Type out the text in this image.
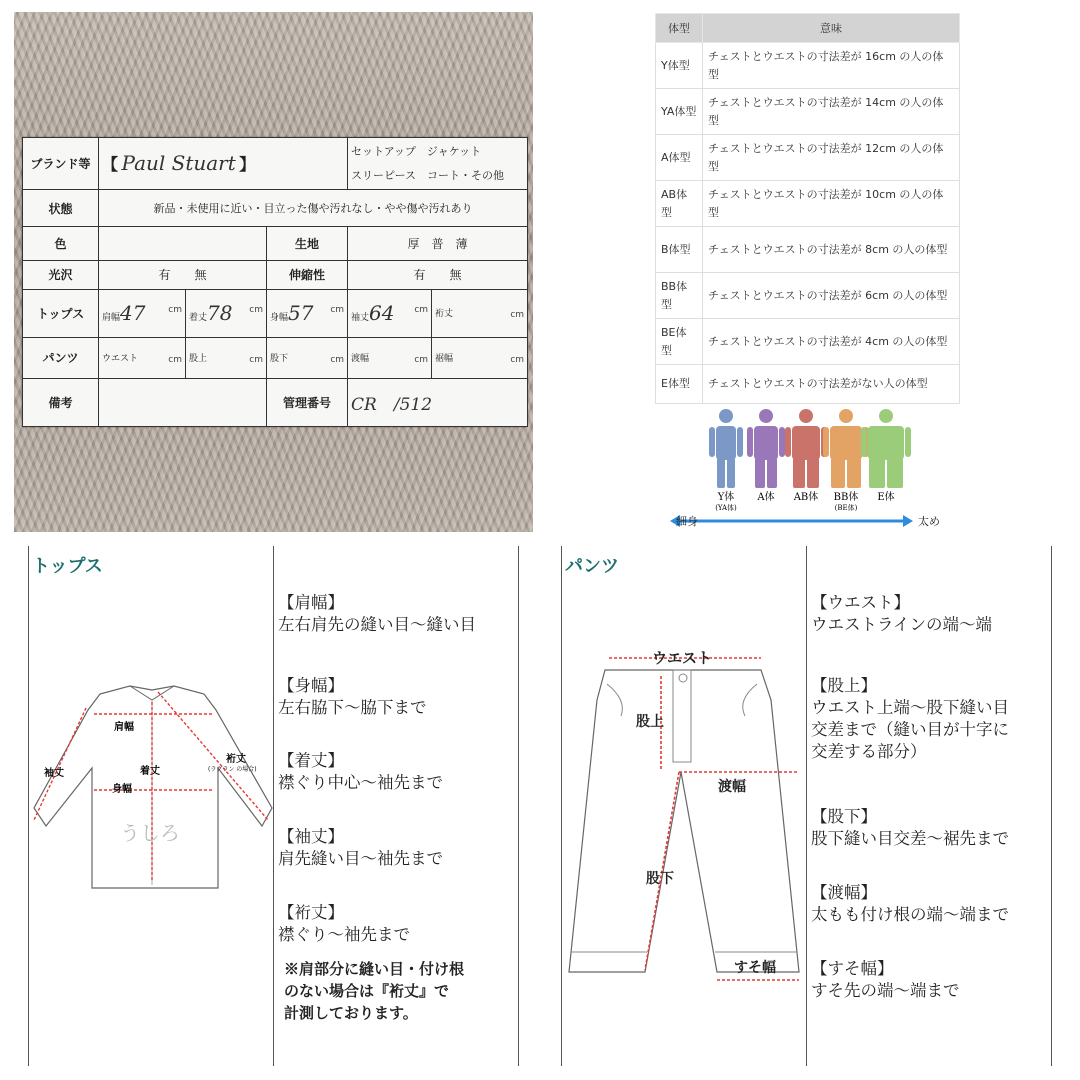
ブランド等	【 Paul Stuart 】			セットアップ　ジャケット
スリーピース　コート・その他	

状態	新品・未使用に近い・目立った傷や汚れなし・やや傷や汚れあり				
色			生地	厚　普　薄	
光沢	有　　無		伸縮性	有　　無	
トップス	肩幅47 cm	着丈78 cm	身幅57 cm	袖丈64 cm	裄丈 cm

パンツ	ウエスト cm	股上 cm	股下 cm	渡幅 cm	裾幅 cm

備考			管理番号	CR　/512	
体型	意味
Y体型	チェストとウエストの寸法差が 16cm の人の体型
YA体型	チェストとウエストの寸法差が 14cm の人の体型
A体型	チェストとウエストの寸法差が 12cm の人の体型
AB体型	チェストとウエストの寸法差が 10cm の人の体型
B体型	チェストとウエストの寸法差が 8cm の人の体型
BB体型	チェストとウエストの寸法差が 6cm の人の体型
BE体型	チェストとウエストの寸法差が 4cm の人の体型
E体型	チェストとウエストの寸法差がない人の体型
Y体
(YA体)
A体 AB体 BB体
(BE体)
E体
細身	太め
トップス	パンツ
肩幅
着丈
身幅
袖丈
裄丈
(ラグラン の場合)
うしろ
【肩幅】
左右肩先の縫い目〜縫い目
【身幅】
左右脇下〜脇下まで
【着丈】
襟ぐり中心〜袖先まで
【袖丈】
肩先縫い目〜袖先まで
【裄丈】
襟ぐり〜袖先まで
※肩部分に縫い目・付け根
のない場合は『裄丈』で
計測しております。
ウエスト
股上
渡幅
股下
すそ幅
【ウエスト】
ウエストラインの端〜端
【股上】
ウエスト上端〜股下縫い目
交差まで（縫い目が十字に
交差する部分）
【股下】
股下縫い目交差〜裾先まで
【渡幅】
太もも付け根の端〜端まで
【すそ幅】
すそ先の端〜端まで
